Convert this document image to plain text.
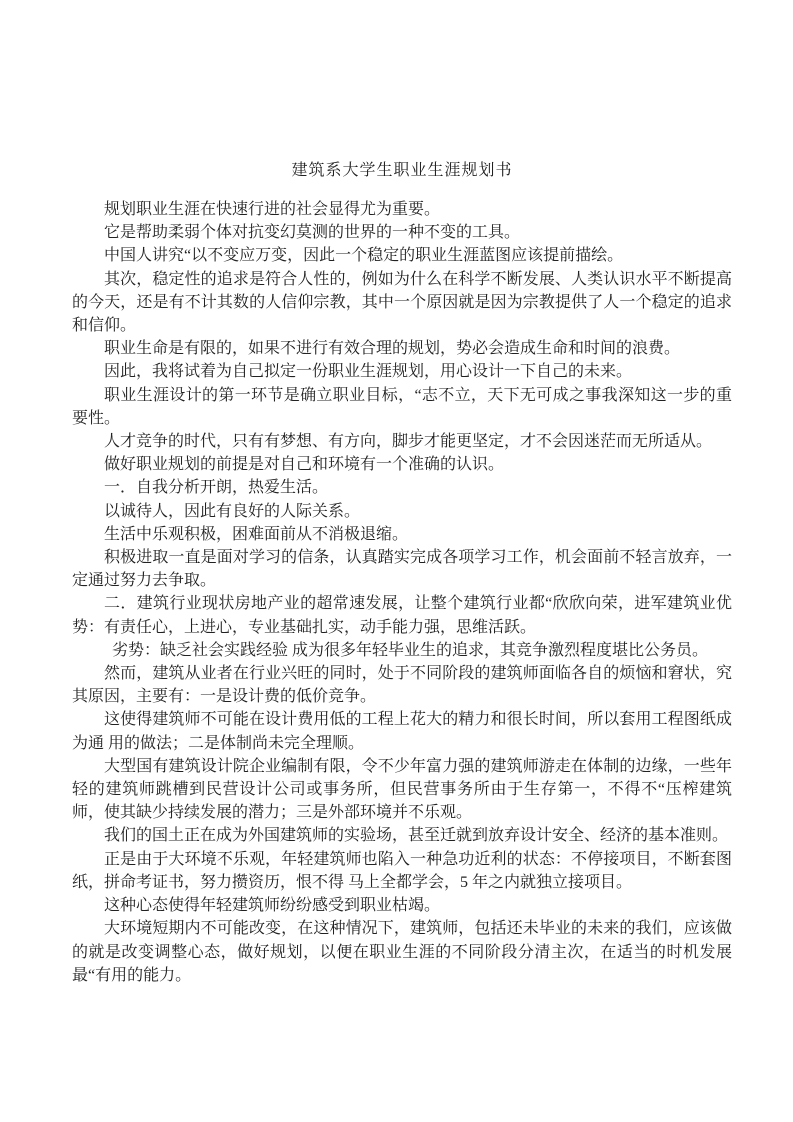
建筑系大学生职业生涯规划书

规划职业生涯在快速行进的社会显得尤为重要。

它是帮助柔弱个体对抗变幻莫测的世界的一种不变的工具。

中国人讲究“以不变应万变，因此一个稳定的职业生涯蓝图应该提前描绘。

其次，稳定性的追求是符合人性的，例如为什么在科学不断发展、人类认识水平不断提高的今天，还是有不计其数的人信仰宗教，其中一个原因就是因为宗教提供了人一个稳定的追求和信仰。

职业生命是有限的，如果不进行有效合理的规划，势必会造成生命和时间的浪费。

因此，我将试着为自己拟定一份职业生涯规划，用心设计一下自己的未来。

职业生涯设计的第一环节是确立职业目标，“志不立，天下无可成之事我深知这一步的重要性。

人才竞争的时代，只有有梦想、有方向，脚步才能更坚定，才不会因迷茫而无所适从。

做好职业规划的前提是对自己和环境有一个准确的认识。

一．自我分析开朗，热爱生活。

以诚待人，因此有良好的人际关系。

生活中乐观积极，困难面前从不消极退缩。

积极进取一直是面对学习的信条，认真踏实完成各项学习工作，机会面前不轻言放弃，一定通过努力去争取。

二．建筑行业现状房地产业的超常速发展，让整个建筑行业都“欣欣向荣，进军建筑业优势：有责任心，上进心，专业基础扎实，动手能力强，思维活跃。

 劣势：缺乏社会实践经验 成为很多年轻毕业生的追求，其竞争激烈程度堪比公务员。

然而，建筑从业者在行业兴旺的同时，处于不同阶段的建筑师面临各自的烦恼和窘状，究其原因，主要有：一是设计费的低价竞争。

这使得建筑师不可能在设计费用低的工程上花大的精力和很长时间，所以套用工程图纸成为通 用的做法；二是体制尚未完全理顺。

大型国有建筑设计院企业编制有限，令不少年富力强的建筑师游走在体制的边缘，一些年轻的建筑师跳槽到民营设计公司或事务所，但民营事务所由于生存第一，不得不“压榨建筑师，使其缺少持续发展的潜力；三是外部环境并不乐观。

我们的国土正在成为外国建筑师的实验场，甚至迁就到放弃设计安全、经济的基本准则。

正是由于大环境不乐观，年轻建筑师也陷入一种急功近利的状态：不停接项目，不断套图纸，拼命考证书，努力攒资历，恨不得 马上全都学会，5 年之内就独立接项目。

这种心态使得年轻建筑师纷纷感受到职业枯竭。

大环境短期内不可能改变，在这种情况下，建筑师，包括还未毕业的未来的我们，应该做的就是改变调整心态，做好规划，以便在职业生涯的不同阶段分清主次，在适当的时机发展最“有用的能力。
